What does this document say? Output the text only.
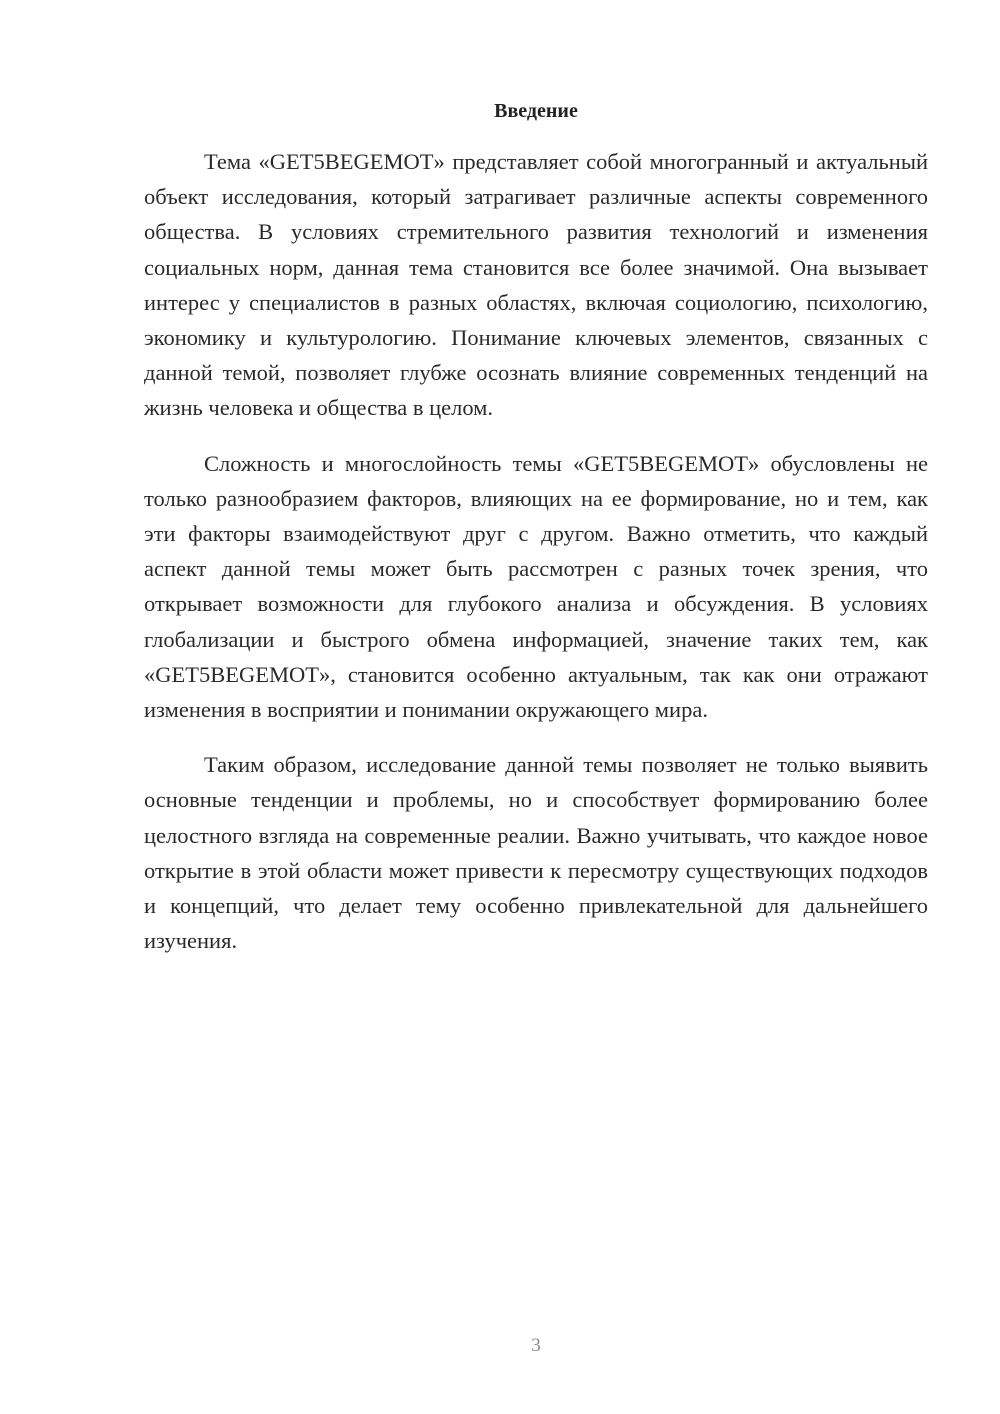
Введение

Тема «GET5BEGEMOT» представляет собой многогранный и актуальный объект исследования, который затрагивает различные аспекты современного общества. В условиях стремительного развития технологий и изменения социальных норм, данная тема становится все более значимой. Она вызывает интерес у специалистов в разных областях, включая социологию, психологию, экономику и культурологию. Понимание ключевых элементов, связанных с данной темой, позволяет глубже осознать влияние современных тенденций на жизнь человека и общества в целом.

Сложность и многослойность темы «GET5BEGEMOT» обусловлены не только разнообразием факторов, влияющих на ее формирование, но и тем, как эти факторы взаимодействуют друг с другом. Важно отметить, что каждый аспект данной темы может быть рассмотрен с разных точек зрения, что открывает возможности для глубокого анализа и обсуждения. В условиях глобализации и быстрого обмена информацией, значение таких тем, как «GET5BEGEMOT», становится особенно актуальным, так как они отражают изменения в восприятии и понимании окружающего мира.

Таким образом, исследование данной темы позволяет не только выявить основные тенденции и проблемы, но и способствует формированию более целостного взгляда на современные реалии. Важно учитывать, что каждое новое открытие в этой области может привести к пересмотру существующих подходов и концепций, что делает тему особенно привлекательной для дальнейшего изучения.

3
